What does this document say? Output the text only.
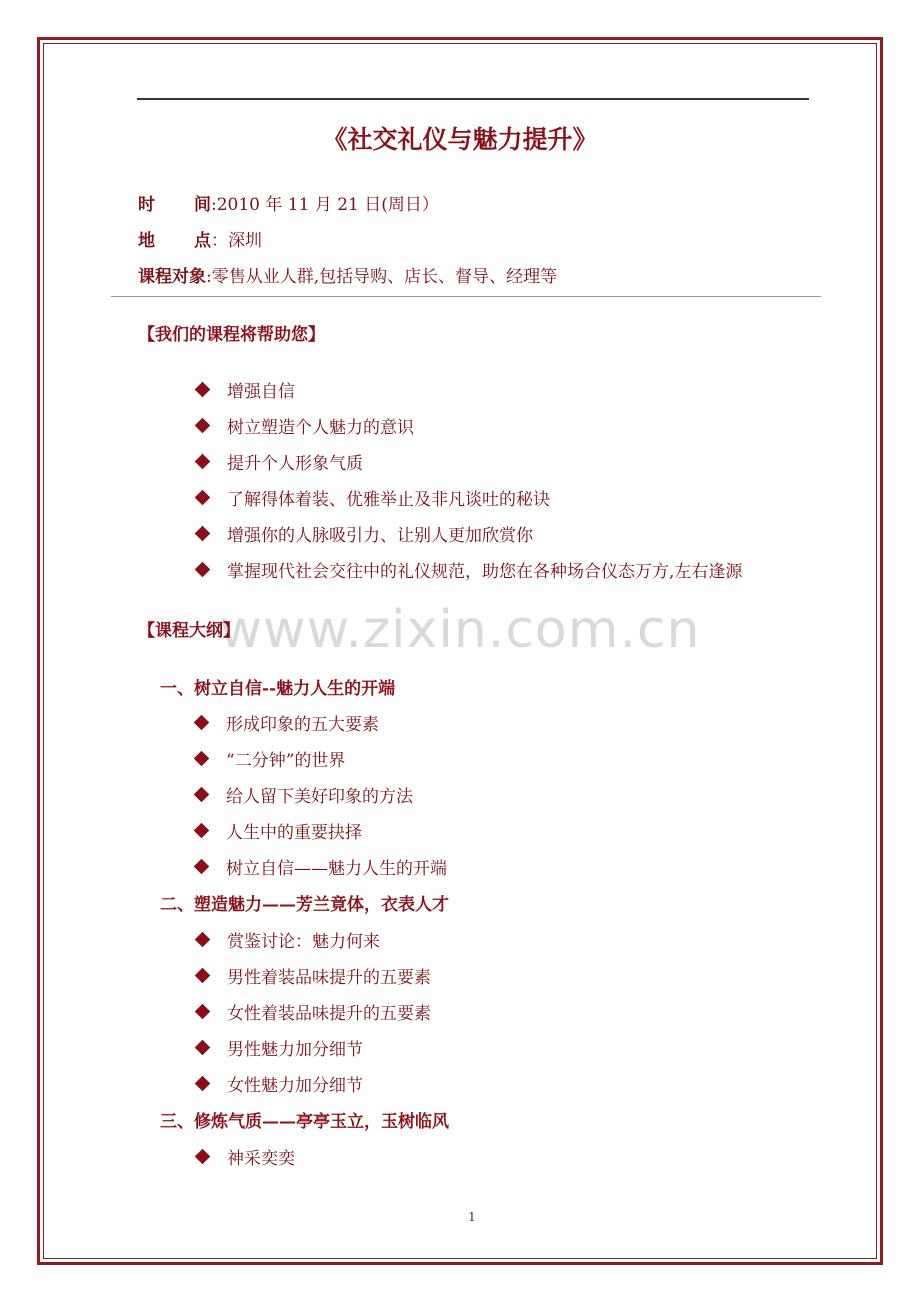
《社交礼仪与魅力提升》
时 间:2010 年 11 月 21 日(周日）
地 点：深圳
课程对象:零售从业人群,包括导购、店长、督导、经理等
【我们的课程将帮助您】
增强自信
树立塑造个人魅力的意识
提升个人形象气质
了解得体着装、优雅举止及非凡谈吐的秘诀
增强你的人脉吸引力、让别人更加欣赏你
掌握现代社会交往中的礼仪规范，助您在各种场合仪态万方,左右逢源
www.zixin.com.cn
【课程大纲】
一、树立自信--魅力人生的开端
形成印象的五大要素
“二分钟”的世界
给人留下美好印象的方法
人生中的重要抉择
树立自信——魅力人生的开端
二、塑造魅力——芳兰竟体，衣表人才
赏鉴讨论：魅力何来
男性着装品味提升的五要素
女性着装品味提升的五要素
男性魅力加分细节
女性魅力加分细节
三、修炼气质——亭亭玉立，玉树临风
神采奕奕
1
